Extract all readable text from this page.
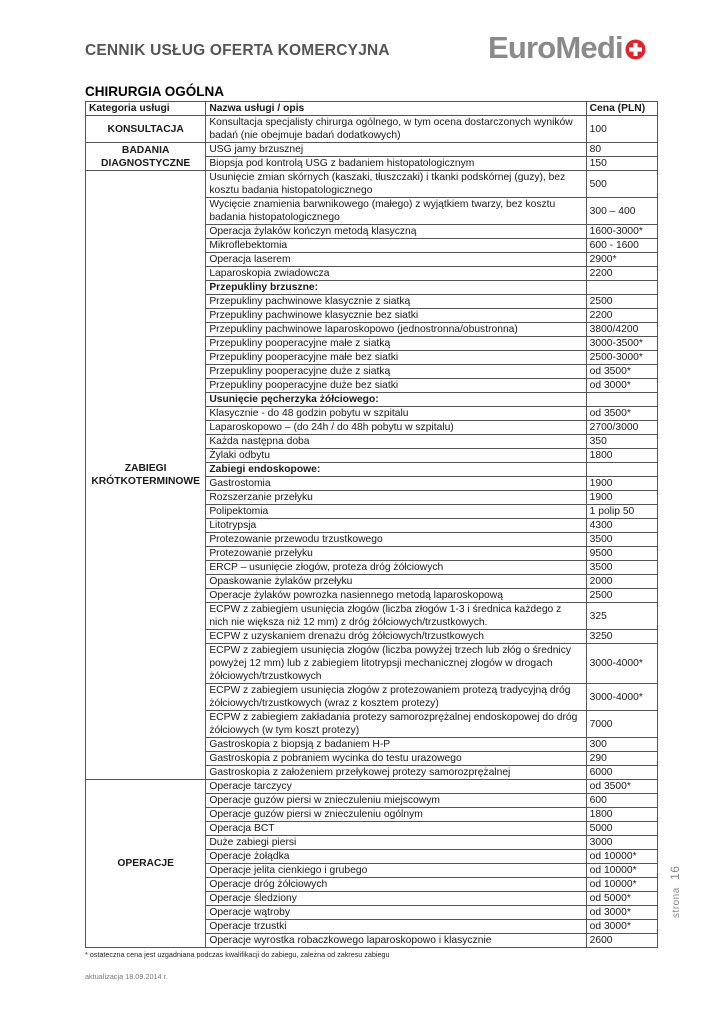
CENNIK USŁUG OFERTA KOMERCYJNA	EuroMedi
CHIRURGIA OGÓLNA
Kategoria usługi	Nazwa usługi / opis	Cena (PLN)
KONSULTACJA	Konsultacja specjalisty chirurga ogólnego, w tym ocena dostarczonych wyników badań (nie obejmuje badań dodatkowych)	100
BADANIA DIAGNOSTYCZNE	USG jamy brzusznej	80
	Biopsja pod kontrolą USG z badaniem histopatologicznym	150
ZABIEGI KRÓTKOTERMINOWE	Usunięcie zmian skórnych (kaszaki, tłuszczaki) i tkanki podskórnej (guzy), bez kosztu badania histopatologicznego	500
	Wycięcie znamienia barwnikowego (małego) z wyjątkiem twarzy, bez kosztu badania histopatologicznego	300 – 400
	Operacja żylaków kończyn metodą klasyczną	1600-3000*
	Mikroflebektomia	600 - 1600
	Operacja laserem	2900*
	Laparoskopia zwiadowcza	2200
	Przepukliny brzuszne:	
	Przepukliny pachwinowe klasycznie z siatką	2500
	Przepukliny pachwinowe klasycznie bez siatki	2200
	Przepukliny pachwinowe laparoskopowo (jednostronna/obustronna)	3800/4200
	Przepukliny pooperacyjne małe z siatką	3000-3500*
	Przepukliny pooperacyjne małe bez siatki	2500-3000*
	Przepukliny pooperacyjne duże z siatką	od 3500*
	Przepukliny pooperacyjne duże bez siatki	od 3000*
	Usunięcie pęcherzyka żółciowego:	
	Klasycznie - do 48 godzin pobytu w szpitalu	od 3500*
	Laparoskopowo – (do 24h / do 48h pobytu w szpitalu)	2700/3000
	Każda następna doba	350
	Żylaki odbytu	1800
	Zabiegi endoskopowe:	
	Gastrostomia	1900
	Rozszerzanie przełyku	1900
	Polipektomia	1 polip 50
	Litotrypsja	4300
	Protezowanie przewodu trzustkowego	3500
	Protezowanie przełyku	9500
	ERCP – usunięcie złogów, proteza dróg żółciowych	3500
	Opaskowanie żylaków przełyku	2000
	Operacje żylaków powrozka nasiennego metodą laparoskopową	2500
	ECPW z zabiegiem usunięcia złogów (liczba złogów 1-3 i średnica każdego z nich nie większa niż 12 mm) z dróg żółciowych/trzustkowych.	325
	ECPW z uzyskaniem drenażu dróg żółciowych/trzustkowych	3250
	ECPW z zabiegiem usunięcia złogów (liczba powyżej trzech lub złóg o średnicy powyżej 12 mm) lub z zabiegiem litotrypsji mechanicznej złogów w drogach żółciowych/trzustkowych	3000-4000*
	ECPW z zabiegiem usunięcia złogów z protezowaniem protezą tradycyjną dróg żółciowych/trzustkowych (wraz z kosztem protezy)	3000-4000*
	ECPW z zabiegiem zakładania protezy samorozprężalnej endoskopowej do dróg żółciowych (w tym koszt protezy)	7000
	Gastroskopia z biopsją z badaniem H-P	300
	Gastroskopia z pobraniem wycinka do testu urazowego	290
	Gastroskopia z założeniem przełykowej protezy samorozprężalnej	6000
OPERACJE	Operacje tarczycy	od 3500*
	Operacje guzów piersi w znieczuleniu miejscowym	600
	Operacje guzów piersi w znieczuleniu ogólnym	1800
	Operacja BCT	5000
	Duże zabiegi piersi	3000
	Operacje żołądka	od 10000*
	Operacje jelita cienkiego i grubego	od 10000*
	Operacje dróg żółciowych	od 10000*
	Operacje śledziony	od 5000*
	Operacje wątroby	od 3000*
	Operacje trzustki	od 3000*
	Operacje wyrostka robaczkowego laparoskopowo i klasycznie	2600
* ostateczna cena jest uzgadniana podczas kwalifikacji do zabiegu, zależna od zakresu zabiegu
aktualizacja 18.09.2014 r.
strona 16
